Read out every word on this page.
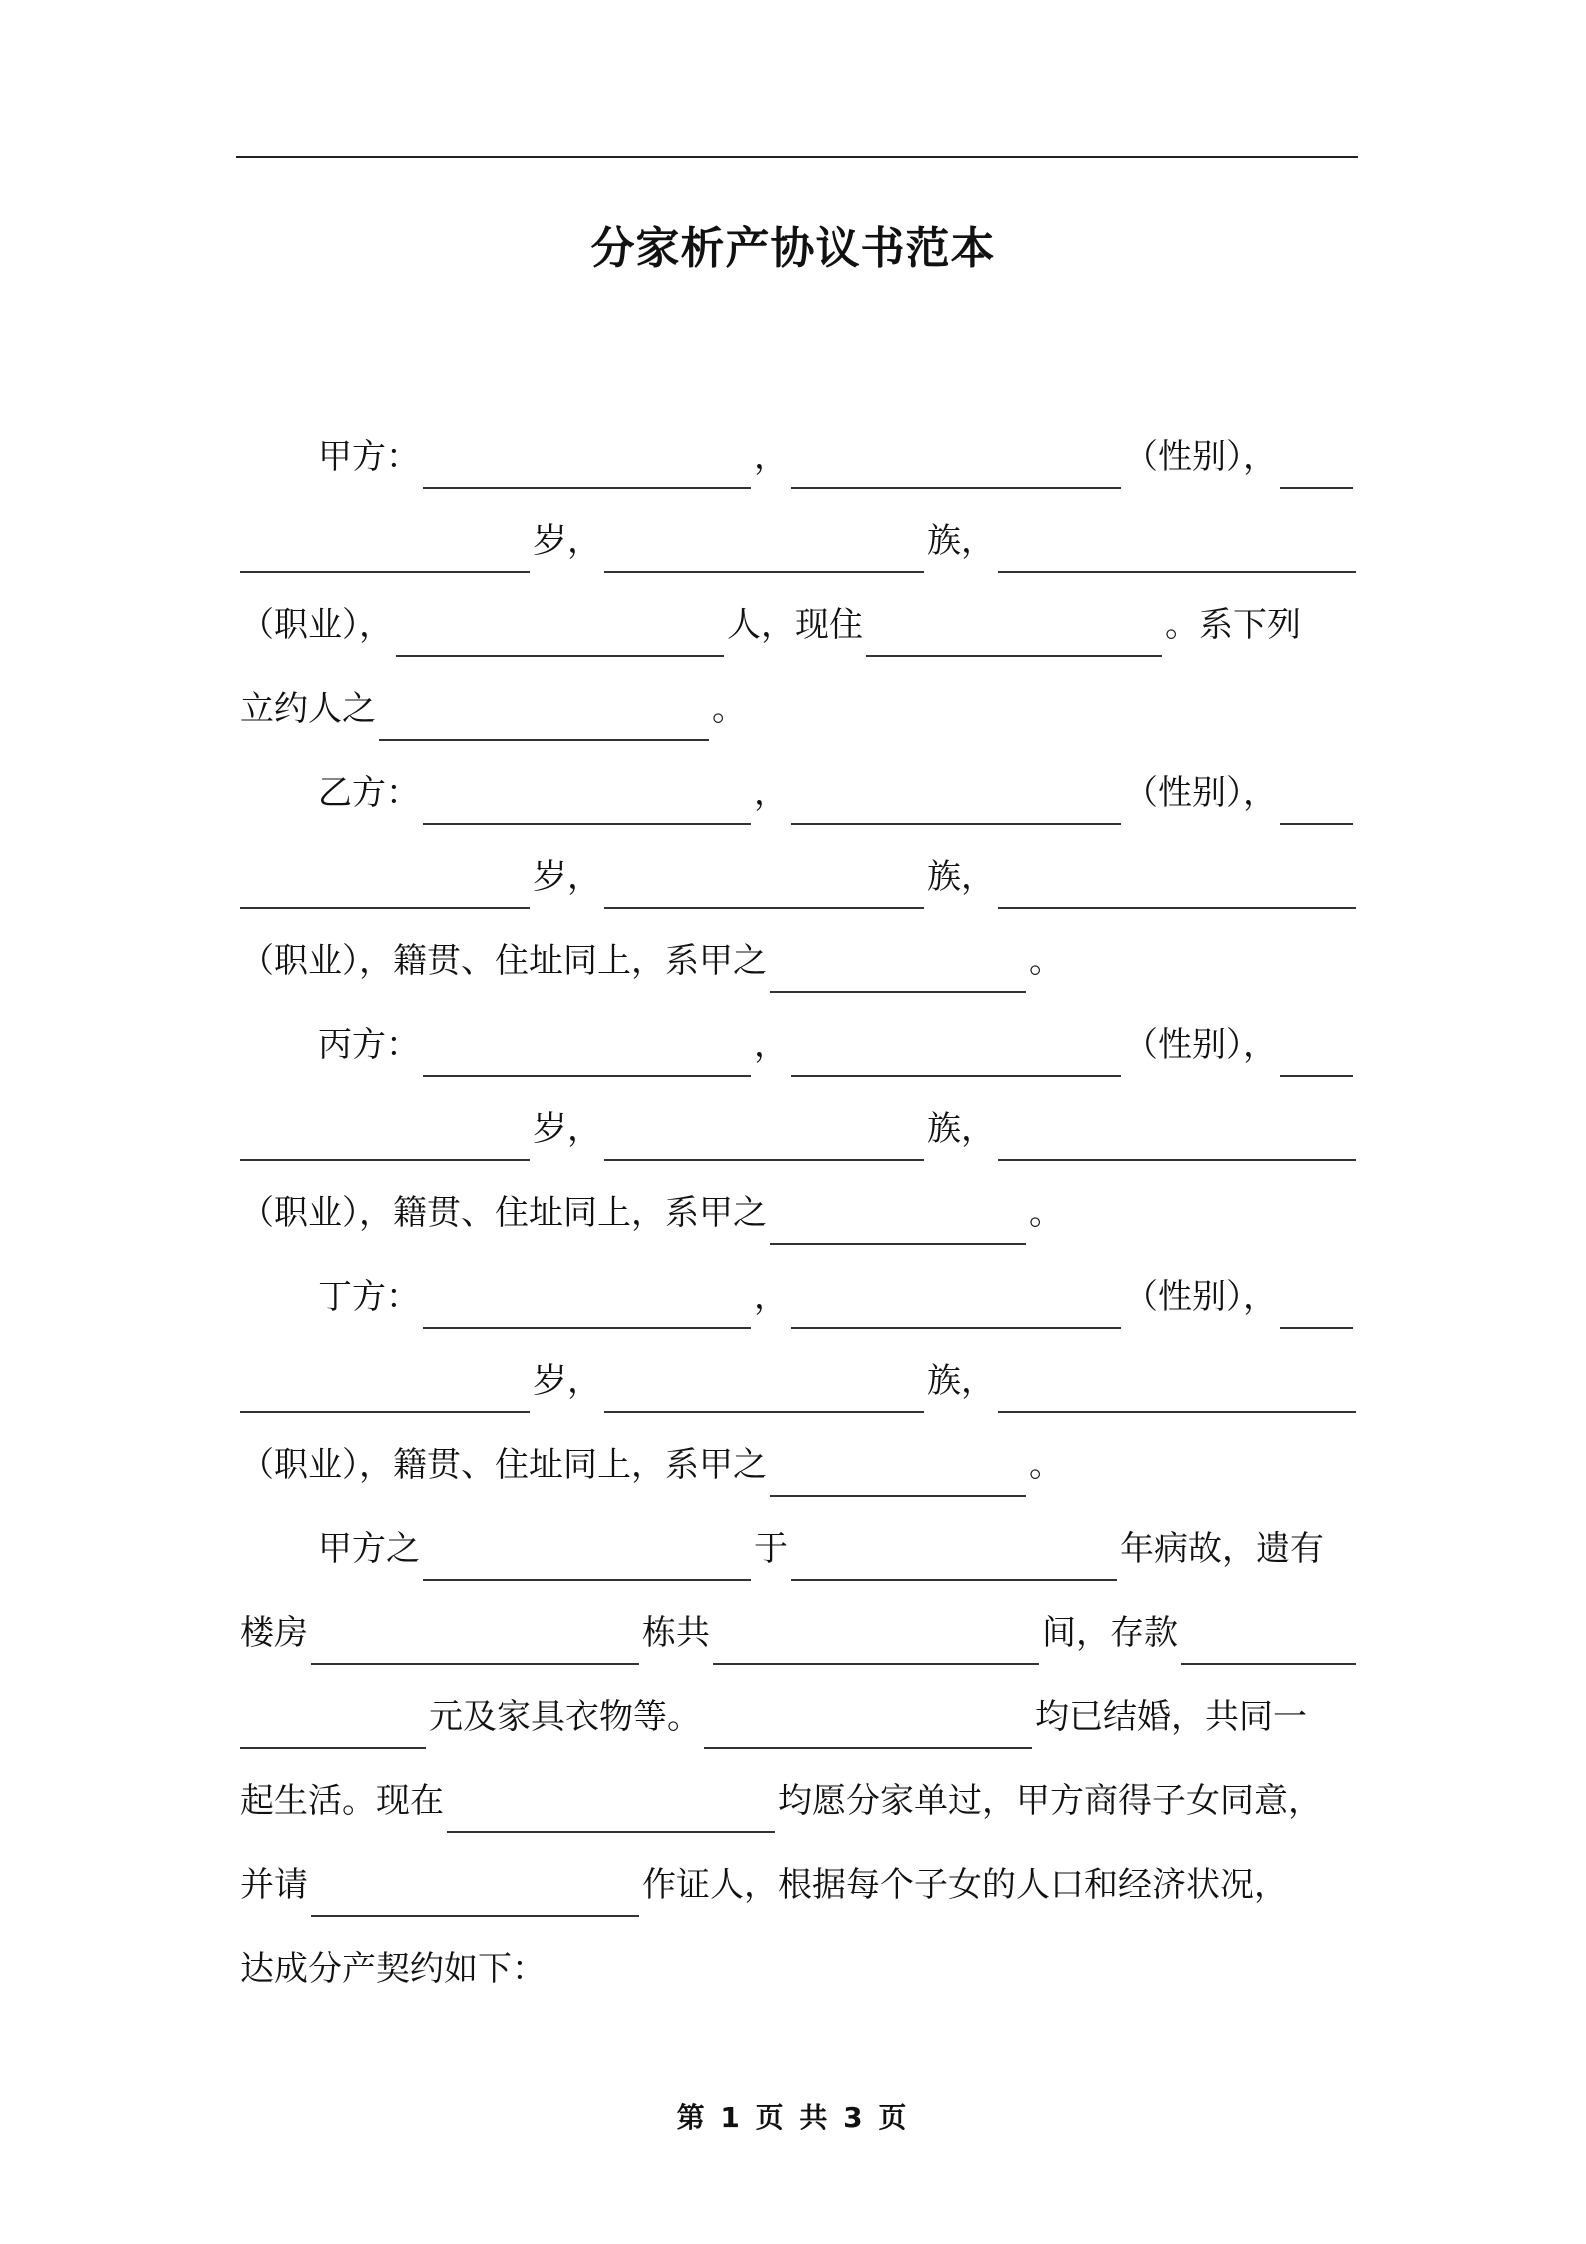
分家析产协议书范本
甲方：	，	（性别），
岁，	族，
（职业），	人，现住	。系下列
立约人之	。
乙方：	，	（性别），
岁，	族，
（职业），籍贯、住址同上，系甲之	。
丙方：	，	（性别），
岁，	族，
（职业），籍贯、住址同上，系甲之	。
丁方：	，	（性别），
岁，	族，
（职业），籍贯、住址同上，系甲之	。
甲方之	于	年病故，遗有
楼房	栋共	间，存款
元及家具衣物等。	均已结婚，共同一
起生活。现在	均愿分家单过，甲方商得子女同意，
并请	作证人，根据每个子女的人口和经济状况，
达成分产契约如下：
第 1 页 共 3 页
